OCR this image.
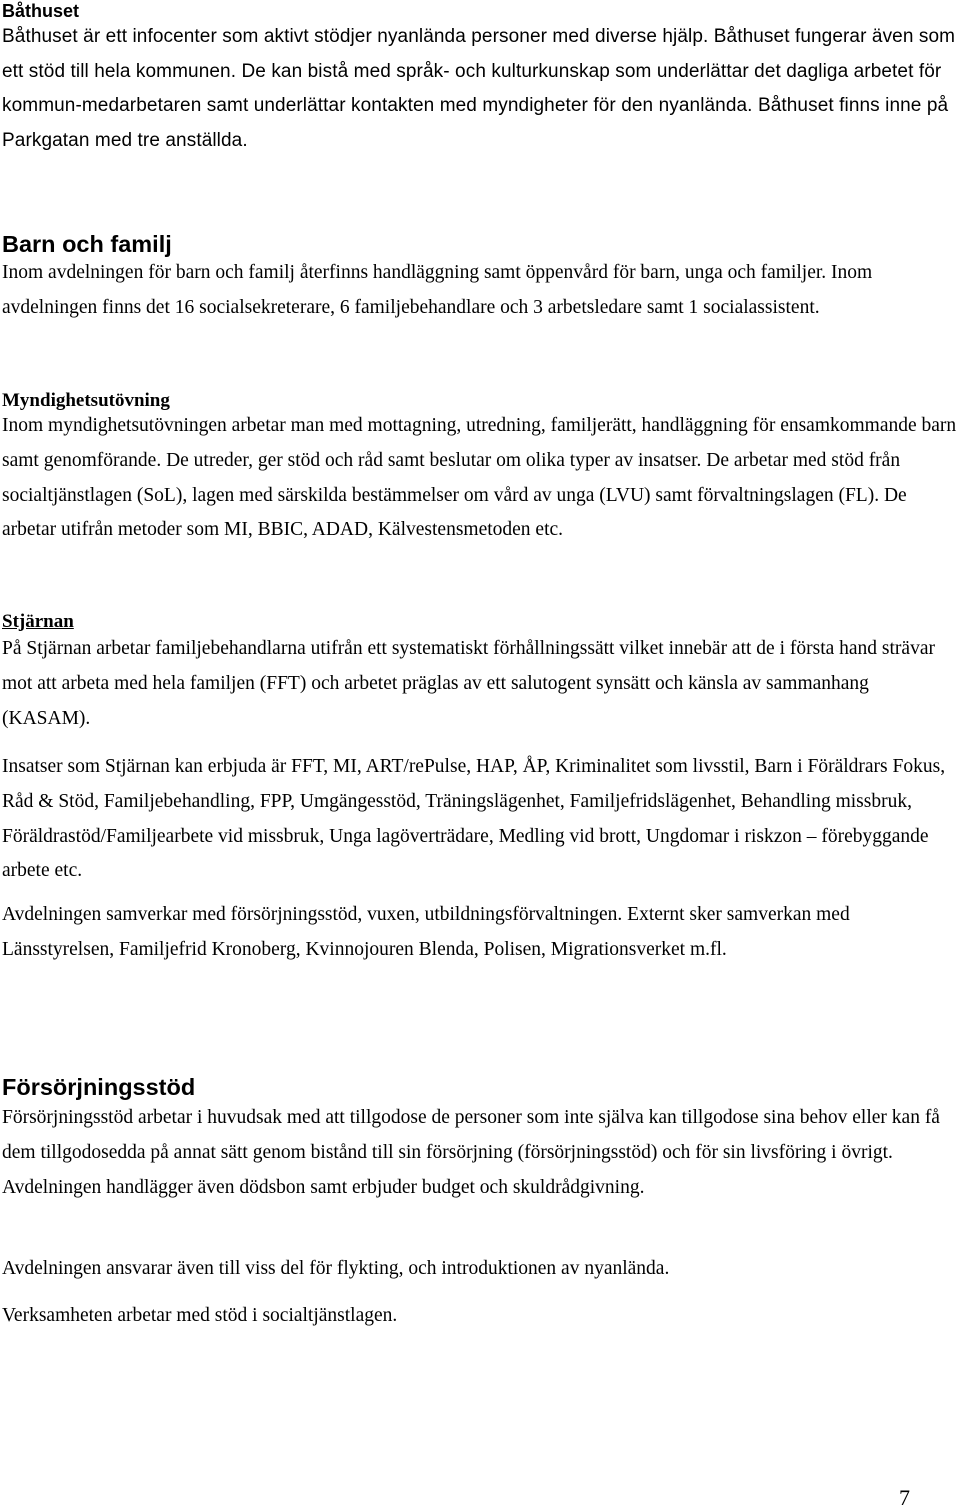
Båthuset

Båthuset är ett infocenter som aktivt stödjer nyanlända personer med diverse hjälp. Båthuset fungerar även som ett stöd till hela kommunen. De kan bistå med språk- och kulturkunskap som underlättar det dagliga arbetet för kommun-medarbetaren samt underlättar kontakten med myndigheter för den nyanlända. Båthuset finns inne på Parkgatan med tre anställda.

Barn och familj

Inom avdelningen för barn och familj återfinns handläggning samt öppenvård för barn, unga och familjer. Inom avdelningen finns det 16 socialsekreterare, 6 familjebehandlare och 3 arbetsledare samt 1 socialassistent.

Myndighetsutövning

Inom myndighetsutövningen arbetar man med mottagning, utredning, familjerätt, handläggning för ensamkommande barn samt genomförande. De utreder, ger stöd och råd samt beslutar om olika typer av insatser. De arbetar med stöd från socialtjänstlagen (SoL), lagen med särskilda bestämmelser om vård av unga (LVU) samt förvaltningslagen (FL). De arbetar utifrån metoder som MI, BBIC, ADAD, Kälvestensmetoden etc.

Stjärnan

På Stjärnan arbetar familjebehandlarna utifrån ett systematiskt förhållningssätt vilket innebär att de i första hand strävar mot att arbeta med hela familjen (FFT) och arbetet präglas av ett salutogent synsätt och känsla av sammanhang (KASAM).

Insatser som Stjärnan kan erbjuda är FFT, MI, ART/rePulse, HAP, ÅP, Kriminalitet som livsstil, Barn i Föräldrars Fokus, Råd & Stöd, Familjebehandling, FPP, Umgängesstöd, Träningslägenhet, Familjefridslägenhet, Behandling missbruk, Föräldrastöd/Familjearbete vid missbruk, Unga lagöverträdare, Medling vid brott, Ungdomar i riskzon – förebyggande arbete etc.

Avdelningen samverkar med försörjningsstöd, vuxen, utbildningsförvaltningen. Externt sker samverkan med Länsstyrelsen, Familjefrid Kronoberg, Kvinnojouren Blenda, Polisen, Migrationsverket m.fl.

Försörjningsstöd

Försörjningsstöd arbetar i huvudsak med att tillgodose de personer som inte själva kan tillgodose sina behov eller kan få dem tillgodosedda på annat sätt genom bistånd till sin försörjning (försörjningsstöd) och för sin livsföring i övrigt. Avdelningen handlägger även dödsbon samt erbjuder budget och skuldrådgivning.

Avdelningen ansvarar även till viss del för flykting, och introduktionen av nyanlända.

Verksamheten arbetar med stöd i socialtjänstlagen.

7
